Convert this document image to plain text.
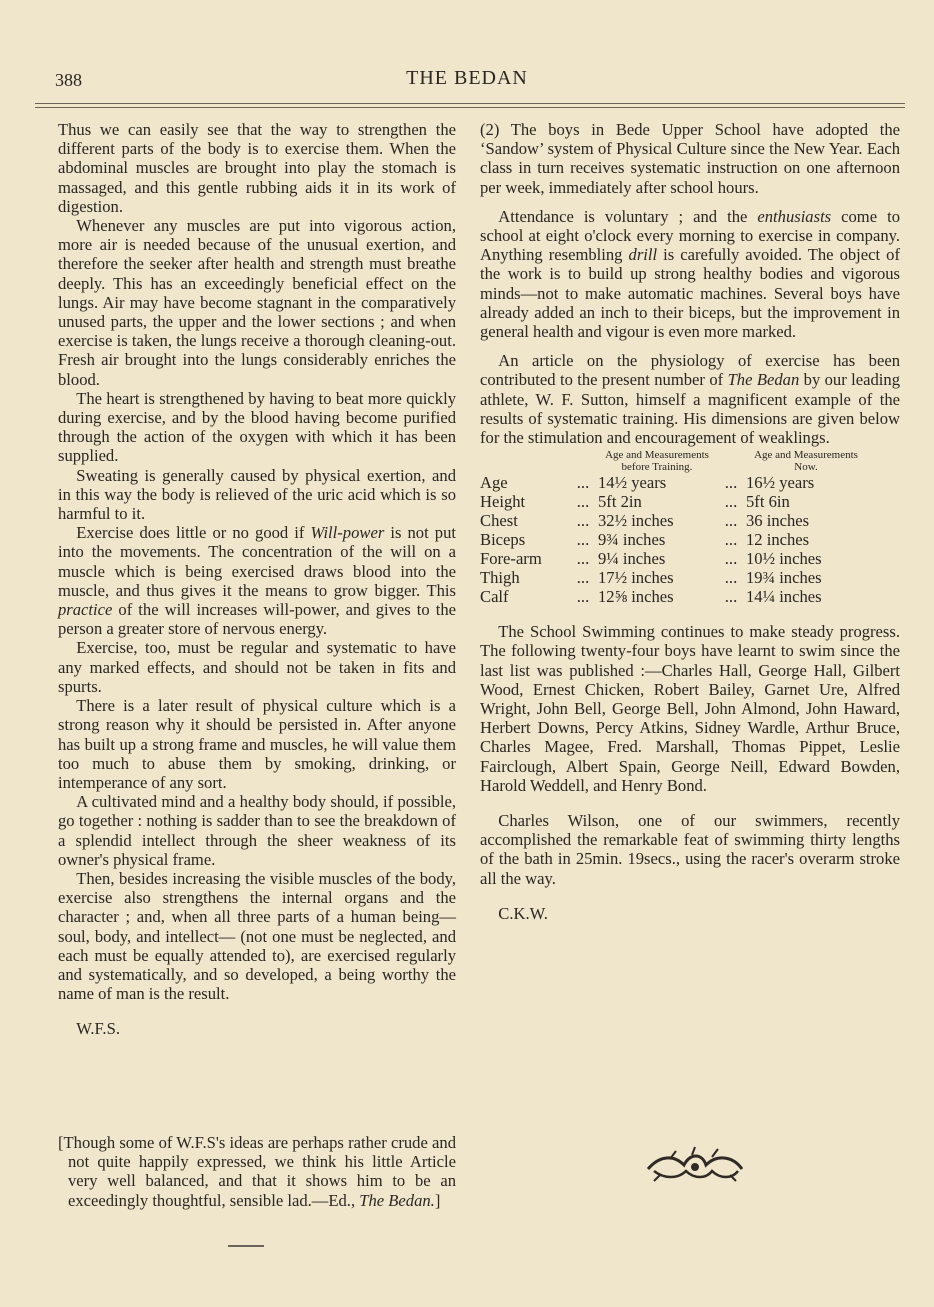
388	THE BEDAN

Thus we can easily see that the way to strengthen the different parts of the body is to exercise them. When the abdominal muscles are brought into play the stomach is massaged, and this gentle rubbing aids it in its work of digestion.

Whenever any muscles are put into vigorous action, more air is needed because of the unusual exertion, and therefore the seeker after health and strength must breathe deeply. This has an exceedingly beneficial effect on the lungs. Air may have become stagnant in the comparatively unused parts, the upper and the lower sections ; and when exercise is taken, the lungs receive a thorough cleaning-out. Fresh air brought into the lungs considerably enriches the blood.

The heart is strengthened by having to beat more quickly during exercise, and by the blood having become purified through the action of the oxygen with which it has been supplied.

Sweating is generally caused by physical exertion, and in this way the body is relieved of the uric acid which is so harmful to it.

Exercise does little or no good if Will-power is not put into the movements. The concentration of the will on a muscle which is being exercised draws blood into the muscle, and thus gives it the means to grow bigger. This practice of the will increases will-power, and gives to the person a greater store of nervous energy.

Exercise, too, must be regular and systematic to have any marked effects, and should not be taken in fits and spurts.

There is a later result of physical culture which is a strong reason why it should be persisted in. After anyone has built up a strong frame and muscles, he will value them too much to abuse them by smoking, drinking, or intemperance of any sort.

A cultivated mind and a healthy body should, if possible, go together : nothing is sadder than to see the breakdown of a splendid intellect through the sheer weakness of its owner's physical frame.

Then, besides increasing the visible muscles of the body, exercise also strengthens the internal organs and the character ; and, when all three parts of a human being—soul, body, and intellect— (not one must be neglected, and each must be equally attended to), are exercised regularly and systematically, and so developed, a being worthy the name of man is the result.

W.F.S.

[Though some of W.F.S's ideas are perhaps rather crude and not quite happily expressed, we think his little Article very well balanced, and that it shows him to be an exceedingly thoughtful, sensible lad.—Ed., The Bedan.]

(2) The boys in Bede Upper School have adopted the ‘Sandow’ system of Physical Culture since the New Year. Each class in turn receives systematic instruction on one afternoon per week, immediately after school hours.

Attendance is voluntary ; and the enthusiasts come to school at eight o'clock every morning to exercise in company. Anything resembling drill is carefully avoided. The object of the work is to build up strong healthy bodies and vigorous minds—not to make automatic machines. Several boys have already added an inch to their biceps, but the improvement in general health and vigour is even more marked.

An article on the physiology of exercise has been contributed to the present number of The Bedan by our leading athlete, W. F. Sutton, himself a magnificent example of the results of systematic training. His dimensions are given below for the stimulation and encouragement of weaklings.

		Age and Measurements before Training.		Age and Measurements Now.
Age	...	14½ years	...	16½ years
Height	...	5ft 2in	...	5ft 6in
Chest	...	32½ inches	...	36 inches
Biceps	...	9¾ inches	...	12 inches
Fore-arm	...	9¼ inches	...	10½ inches
Thigh	...	17½ inches	...	19¾ inches
Calf	...	12⅝ inches	...	14¼ inches

The School Swimming continues to make steady progress. The following twenty-four boys have learnt to swim since the last list was published :—Charles Hall, George Hall, Gilbert Wood, Ernest Chicken, Robert Bailey, Garnet Ure, Alfred Wright, John Bell, George Bell, John Almond, John Haward, Herbert Downs, Percy Atkins, Sidney Wardle, Arthur Bruce, Charles Magee, Fred. Marshall, Thomas Pippet, Leslie Fairclough, Albert Spain, George Neill, Edward Bowden, Harold Weddell, and Henry Bond.

Charles Wilson, one of our swimmers, recently accomplished the remarkable feat of swimming thirty lengths of the bath in 25min. 19secs., using the racer's overarm stroke all the way.

C.K.W.
